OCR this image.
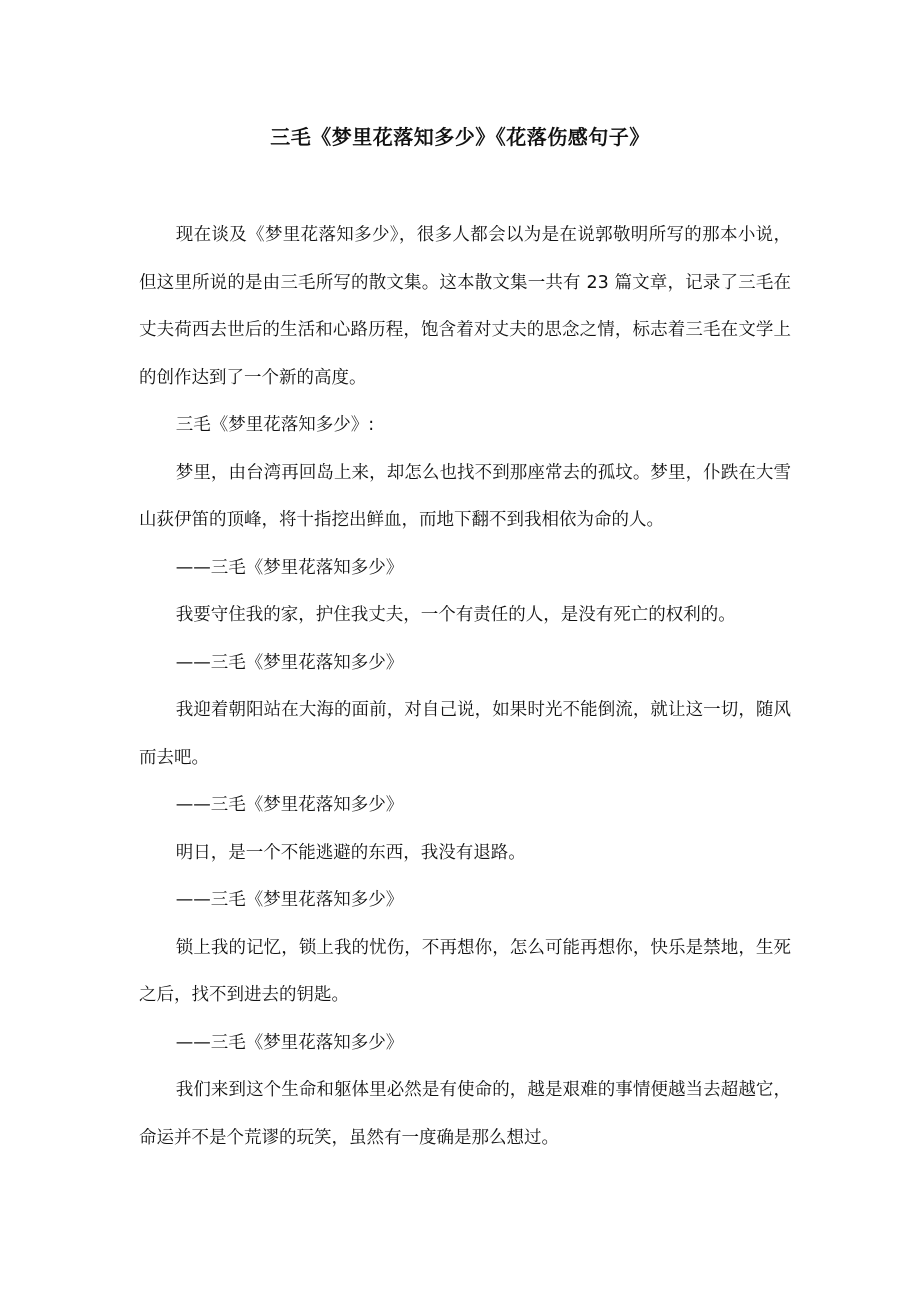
三毛《梦里花落知多少》《花落伤感句子》

现在谈及《梦里花落知多少》，很多人都会以为是在说郭敬明所写的那本小说，但这里所说的是由三毛所写的散文集。这本散文集一共有 23 篇文章，记录了三毛在丈夫荷西去世后的生活和心路历程，饱含着对丈夫的思念之情，标志着三毛在文学上的创作达到了一个新的高度。

三毛《梦里花落知多少》:

梦里，由台湾再回岛上来，却怎么也找不到那座常去的孤坟。梦里，仆跌在大雪山荻伊笛的顶峰，将十指挖出鲜血，而地下翻不到我相依为命的人。

——三毛《梦里花落知多少》

我要守住我的家，护住我丈夫，一个有责任的人，是没有死亡的权利的。

——三毛《梦里花落知多少》

我迎着朝阳站在大海的面前，对自己说，如果时光不能倒流，就让这一切，随风而去吧。

——三毛《梦里花落知多少》

明日，是一个不能逃避的东西，我没有退路。

——三毛《梦里花落知多少》

锁上我的记忆，锁上我的忧伤，不再想你，怎么可能再想你，快乐是禁地，生死之后，找不到进去的钥匙。

——三毛《梦里花落知多少》

我们来到这个生命和躯体里必然是有使命的，越是艰难的事情便越当去超越它，命运并不是个荒谬的玩笑，虽然有一度确是那么想过。
